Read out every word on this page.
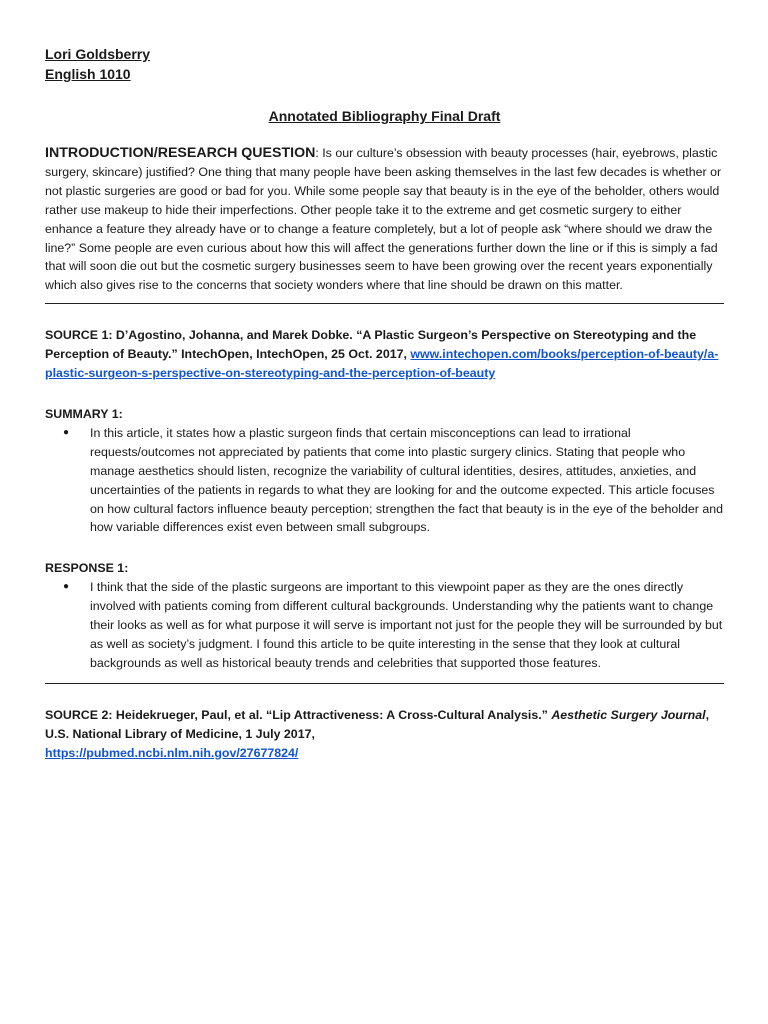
Lori Goldsberry

English 1010

Annotated Bibliography Final Draft

INTRODUCTION/RESEARCH QUESTION: Is our culture’s obsession with beauty processes (hair, eyebrows, plastic surgery, skincare) justified? One thing that many people have been asking themselves in the last few decades is whether or not plastic surgeries are good or bad for you. While some people say that beauty is in the eye of the beholder, others would rather use makeup to hide their imperfections. Other people take it to the extreme and get cosmetic surgery to either enhance a feature they already have or to change a feature completely, but a lot of people ask “where should we draw the line?” Some people are even curious about how this will affect the generations further down the line or if this is simply a fad that will soon die out but the cosmetic surgery businesses seem to have been growing over the recent years exponentially which also gives rise to the concerns that society wonders where that line should be drawn on this matter.

SOURCE 1: D’Agostino, Johanna, and Marek Dobke. “A Plastic Surgeon’s Perspective on Stereotyping and the Perception of Beauty.” IntechOpen, IntechOpen, 25 Oct. 2017, www.intechopen.com/books/perception-of-beauty/a-plastic-surgeon-s-perspective-on-stereotyping-and-the-perception-of-beauty

SUMMARY 1:
● In this article, it states how a plastic surgeon finds that certain misconceptions can lead to irrational requests/outcomes not appreciated by patients that come into plastic surgery clinics. Stating that people who manage aesthetics should listen, recognize the variability of cultural identities, desires, attitudes, anxieties, and uncertainties of the patients in regards to what they are looking for and the outcome expected. This article focuses on how cultural factors influence beauty perception; strengthen the fact that beauty is in the eye of the beholder and how variable differences exist even between small subgroups.
RESPONSE 1:
● I think that the side of the plastic surgeons are important to this viewpoint paper as they are the ones directly involved with patients coming from different cultural backgrounds. Understanding why the patients want to change their looks as well as for what purpose it will serve is important not just for the people they will be surrounded by but as well as society’s judgment. I found this article to be quite interesting in the sense that they look at cultural backgrounds as well as historical beauty trends and celebrities that supported those features.

SOURCE 2: Heidekrueger, Paul, et al. “Lip Attractiveness: A Cross-Cultural Analysis.” Aesthetic Surgery Journal, U.S. National Library of Medicine, 1 July 2017,
https://pubmed.ncbi.nlm.nih.gov/27677824/
